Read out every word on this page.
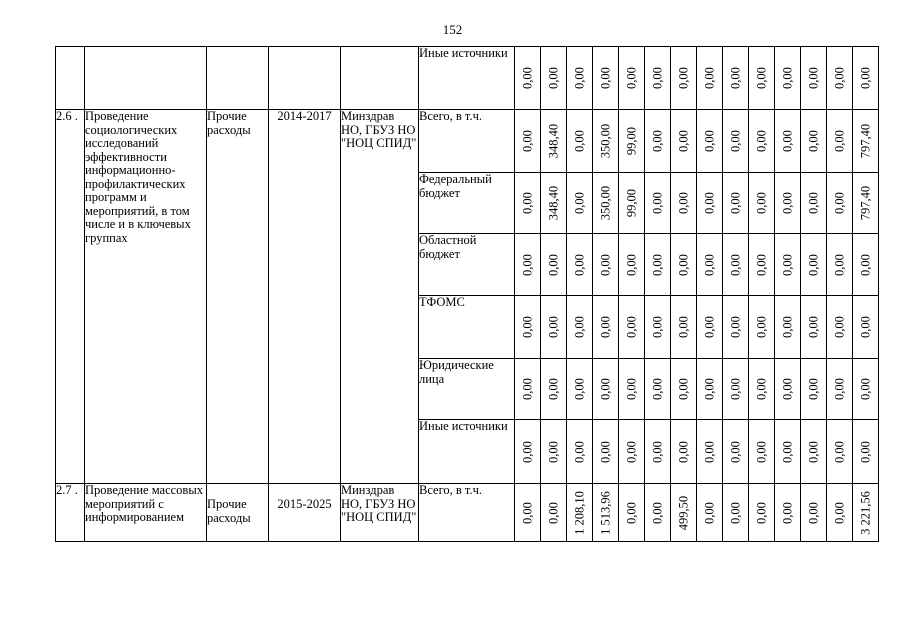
152
					Иные источники	0,00	0,00	0,00	0,00	0,00	0,00	0,00	0,00	0,00	0,00	0,00	0,00	0,00	0,00

2.6 .	Проведение социологических исследований эффективности информационно-профилактических программ и мероприятий, в том числе и в ключевых группах	Прочие расходы	2014-2017	Минздрав НО, ГБУЗ НО "НОЦ СПИД"	Всего, в т.ч.	0,00	348,40	0,00	350,00	99,00	0,00	0,00	0,00	0,00	0,00	0,00	0,00	0,00	797,40

					Федеральный бюджет	0,00	348,40	0,00	350,00	99,00	0,00	0,00	0,00	0,00	0,00	0,00	0,00	0,00	797,40

					Областной бюджет	0,00	0,00	0,00	0,00	0,00	0,00	0,00	0,00	0,00	0,00	0,00	0,00	0,00	0,00

					ТФОМС	0,00	0,00	0,00	0,00	0,00	0,00	0,00	0,00	0,00	0,00	0,00	0,00	0,00	0,00

					Юридические лица	0,00	0,00	0,00	0,00	0,00	0,00	0,00	0,00	0,00	0,00	0,00	0,00	0,00	0,00

					Иные источники	0,00	0,00	0,00	0,00	0,00	0,00	0,00	0,00	0,00	0,00	0,00	0,00	0,00	0,00

2.7 .	Проведение массовых мероприятий с информированием	Прочие расходы	2015-2025	Минздрав НО, ГБУЗ НО "НОЦ СПИД"	Всего, в т.ч.	0,00	0,00	1 208,10	1 513,96	0,00	0,00	499,50	0,00	0,00	0,00	0,00	0,00	0,00	3 221,56
